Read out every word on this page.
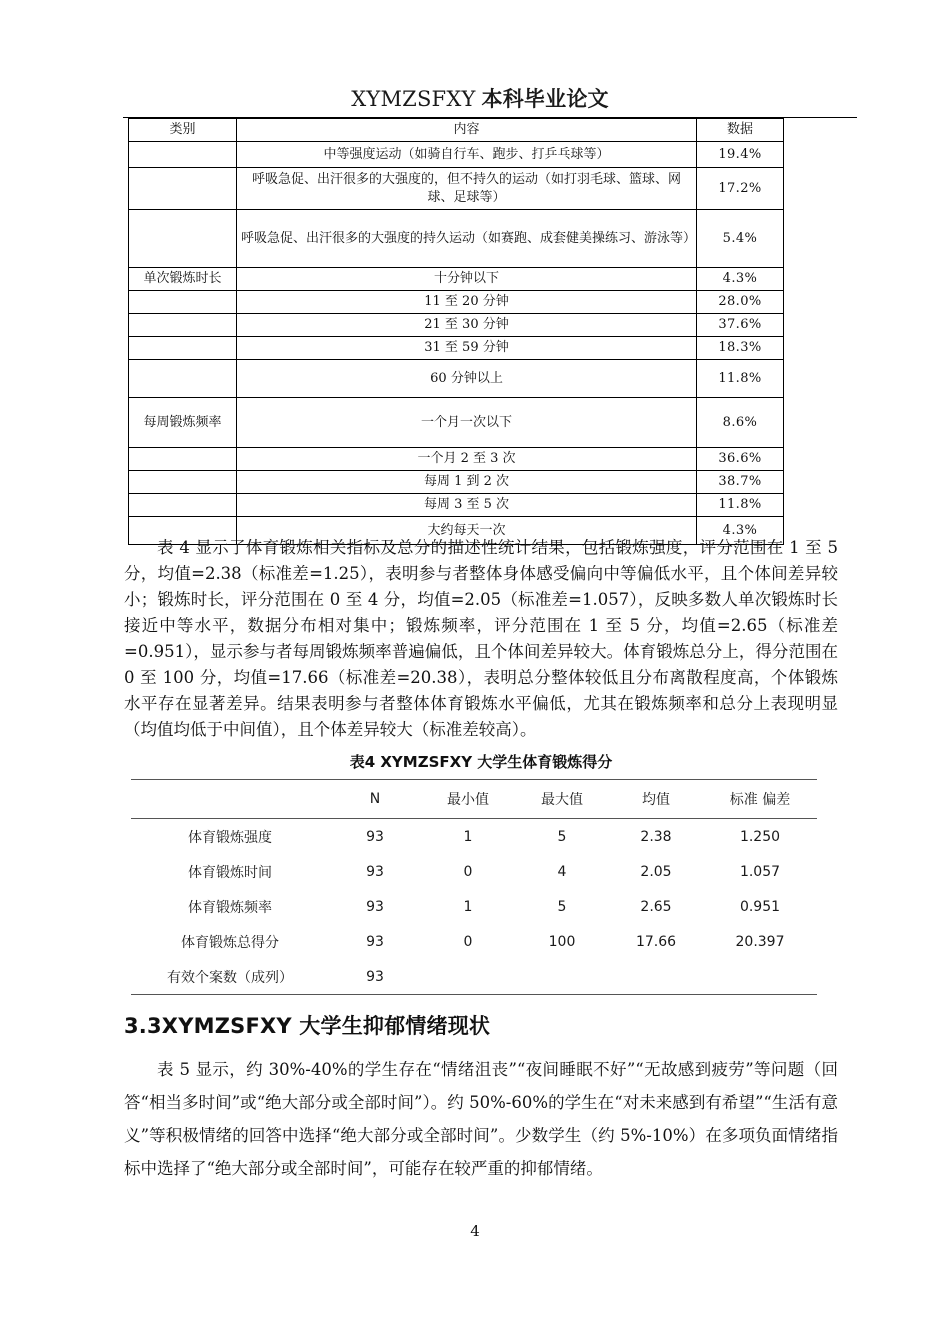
XYMZSFXY 本科毕业论文
类别	内容	数据
	中等强度运动（如骑自行车、跑步、打乒乓球等）	19.4%
	呼吸急促、出汗很多的大强度的，但不持久的运动（如打羽毛球、篮球、网球、足球等）	17.2%
	呼吸急促、出汗很多的大强度的持久运动（如赛跑、成套健美操练习、游泳等）	5.4%
单次锻炼时长	十分钟以下	4.3%
	11 至 20 分钟	28.0%
	21 至 30 分钟	37.6%
	31 至 59 分钟	18.3%
	60 分钟以上	11.8%
每周锻炼频率	一个月一次以下	8.6%
	一个月 2 至 3 次	36.6%
	每周 1 到 2 次	38.7%
	每周 3 至 5 次	11.8%
	大约每天一次	4.3%

表 4 显示了体育锻炼相关指标及总分的描述性统计结果，包括锻炼强度，评分范围在 1 至 5 分，均值=2.38（标准差=1.25），表明参与者整体身体感受偏向中等偏低水平，且个体间差异较小；锻炼时长，评分范围在 0 至 4 分，均值=2.05（标准差=1.057），反映多数人单次锻炼时长接近中等水平，数据分布相对集中；锻炼频率，评分范围在 1 至 5 分，均值=2.65（标准差=0.951），显示参与者每周锻炼频率普遍偏低，且个体间差异较大。体育锻炼总分上，得分范围在 0 至 100 分，均值=17.66（标准差=20.38），表明总分整体较低且分布离散程度高，个体锻炼水平存在显著差异。结果表明参与者整体体育锻炼水平偏低，尤其在锻炼频率和总分上表现明显（均值均低于中间值），且个体差异较大（标准差较高）。

表4 XYMZSFXY 大学生体育锻炼得分
	N	最小值	最大值	均值	标准 偏差
体育锻炼强度	93	1	5	2.38	1.250
体育锻炼时间	93	0	4	2.05	1.057
体育锻炼频率	93	1	5	2.65	0.951
体育锻炼总得分	93	0	100	17.66	20.397
有效个案数（成列）	93				

3.3XYMZSFXY 大学生抑郁情绪现状

表 5 显示，约 30%-40%的学生存在“情绪沮丧”“夜间睡眠不好”“无故感到疲劳”等问题（回答“相当多时间”或“绝大部分或全部时间”）。约 50%-60%的学生在“对未来感到有希望”“生活有意义”等积极情绪的回答中选择“绝大部分或全部时间”。少数学生（约 5%-10%）在多项负面情绪指标中选择了“绝大部分或全部时间”，可能存在较严重的抑郁情绪。

4
